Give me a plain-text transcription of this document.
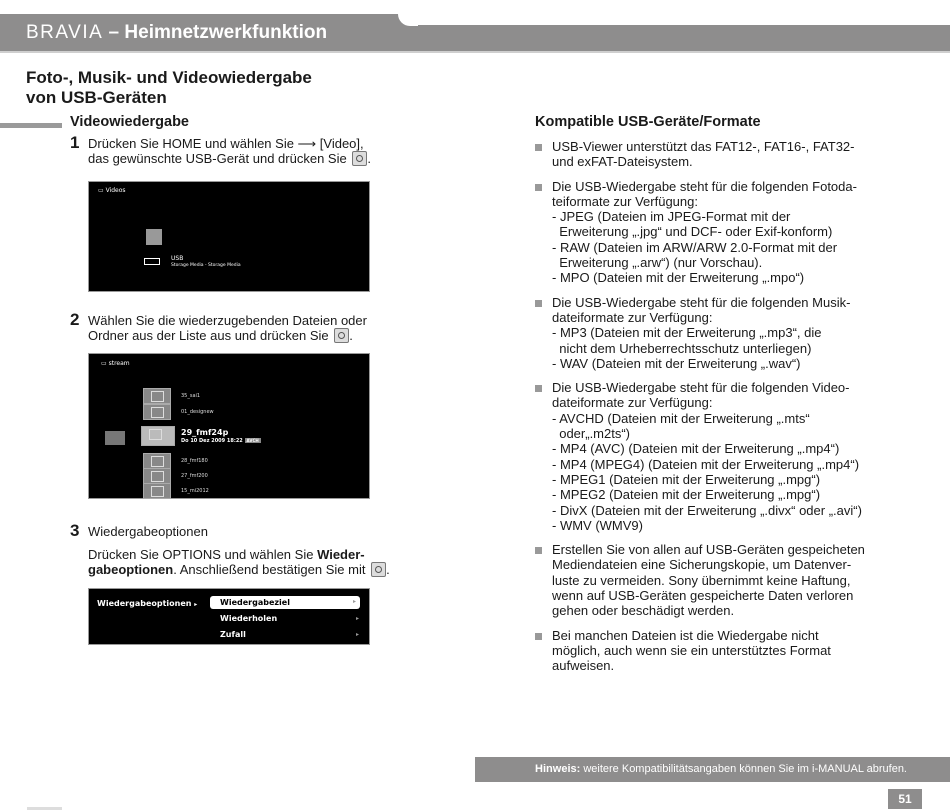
BRAVIA – Heimnetzwerkfunktion
Foto-, Musik- und Videowiedergabe
von USB-Geräten
Videowiedergabe
1 Drücken Sie HOME und wählen Sie ⟶ [Video],
das gewünschte USB-Gerät und drücken Sie .
▭ Videos
USB
Storage Media - Storage Media
2 Wählen Sie die wiederzugebenden Dateien oder
Ordner aus der Liste aus und drücken Sie .
▭ stream
35_sai1
01_designew
29_fmf24p
Do 10 Dez 2009 18:22 AVCH
28_fmf180
27_fmf200
15_mi2012
3 Wiedergabeoptionen
Drücken Sie OPTIONS und wählen Sie Wieder-
gabeoptionen. Anschließend bestätigen Sie mit .
Wiedergabeoptionen ▸	Wiedergabeziel	▸
Wiederholen	▸
Zufall	▸
Kompatible USB-Geräte/Formate
USB-Viewer unterstützt das FAT12-, FAT16-, FAT32-
und exFAT-Dateisystem.
Die USB-Wiedergabe steht für die folgenden Fotoda-
teiformate zur Verfügung:
- JPEG (Dateien im JPEG-Format mit der
Erweiterung „.jpg“ und DCF- oder Exif-konform)
- RAW (Dateien im ARW/ARW 2.0-Format mit der
Erweiterung „.arw“) (nur Vorschau).
- MPO (Dateien mit der Erweiterung „.mpo“)
Die USB-Wiedergabe steht für die folgenden Musik-
dateiformate zur Verfügung:
- MP3 (Dateien mit der Erweiterung „.mp3“, die
nicht dem Urheberrechtsschutz unterliegen)
- WAV (Dateien mit der Erweiterung „.wav“)
Die USB-Wiedergabe steht für die folgenden Video-
dateiformate zur Verfügung:
- AVCHD (Dateien mit der Erweiterung „.mts“
oder„.m2ts“)
- MP4 (AVC) (Dateien mit der Erweiterung „.mp4“)
- MP4 (MPEG4) (Dateien mit der Erweiterung „.mp4“)
- MPEG1 (Dateien mit der Erweiterung „.mpg“)
- MPEG2 (Dateien mit der Erweiterung „.mpg“)
- DivX (Dateien mit der Erweiterung „.divx“ oder „.avi“)
- WMV (WMV9)
Erstellen Sie von allen auf USB-Geräten gespeicheten
Mediendateien eine Sicherungskopie, um Datenver-
luste zu vermeiden. Sony übernimmt keine Haftung,
wenn auf USB-Geräten gespeicherte Daten verloren
gehen oder beschädigt werden.
Bei manchen Dateien ist die Wiedergabe nicht
möglich, auch wenn sie ein unterstütztes Format
aufweisen.
Hinweis: weitere Kompatibilitätsangaben können Sie im i-MANUAL abrufen.
51
